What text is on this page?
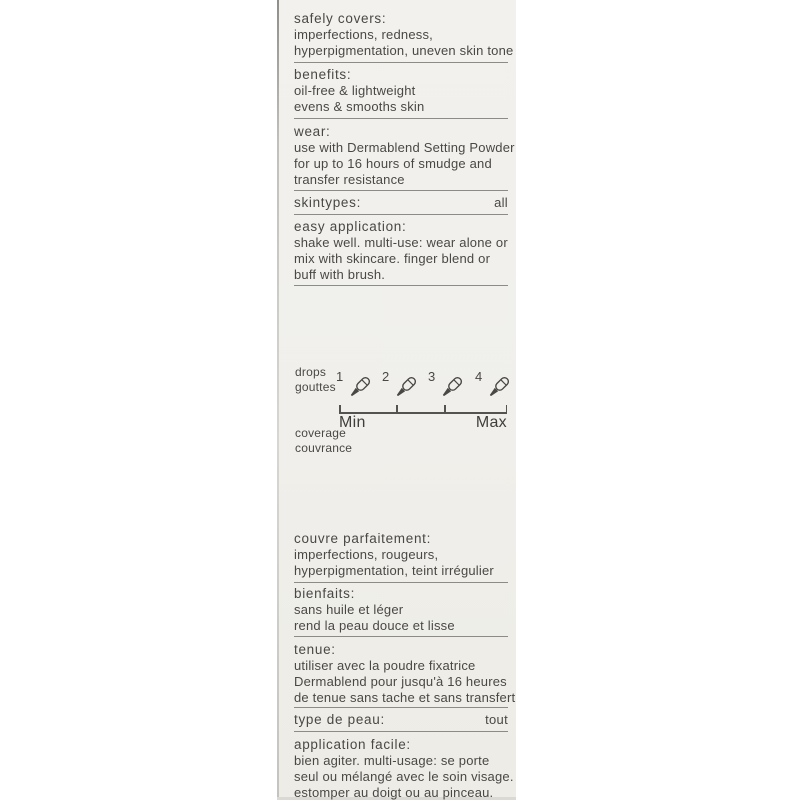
safely covers:
imperfections, redness,
hyperpigmentation, uneven skin tone
benefits:
oil-free & lightweight
evens & smooths skin
wear:
use with Dermablend Setting Powder
for up to 16 hours of smudge and
transfer resistance
skintypes:	all
easy application:
shake well. multi-use: wear alone or
mix with skincare. finger blend or
buff with brush.
drops
gouttes
1	2	3	4
Min	Max
coverage
couvrance
couvre parfaitement:
imperfections, rougeurs,
hyperpigmentation, teint irrégulier
bienfaits:
sans huile et léger
rend la peau douce et lisse
tenue:
utiliser avec la poudre fixatrice
Dermablend pour jusqu'à 16 heures
de tenue sans tache et sans transfert
type de peau:	tout
application facile:
bien agiter. multi-usage: se porte
seul ou mélangé avec le soin visage.
estomper au doigt ou au pinceau.
